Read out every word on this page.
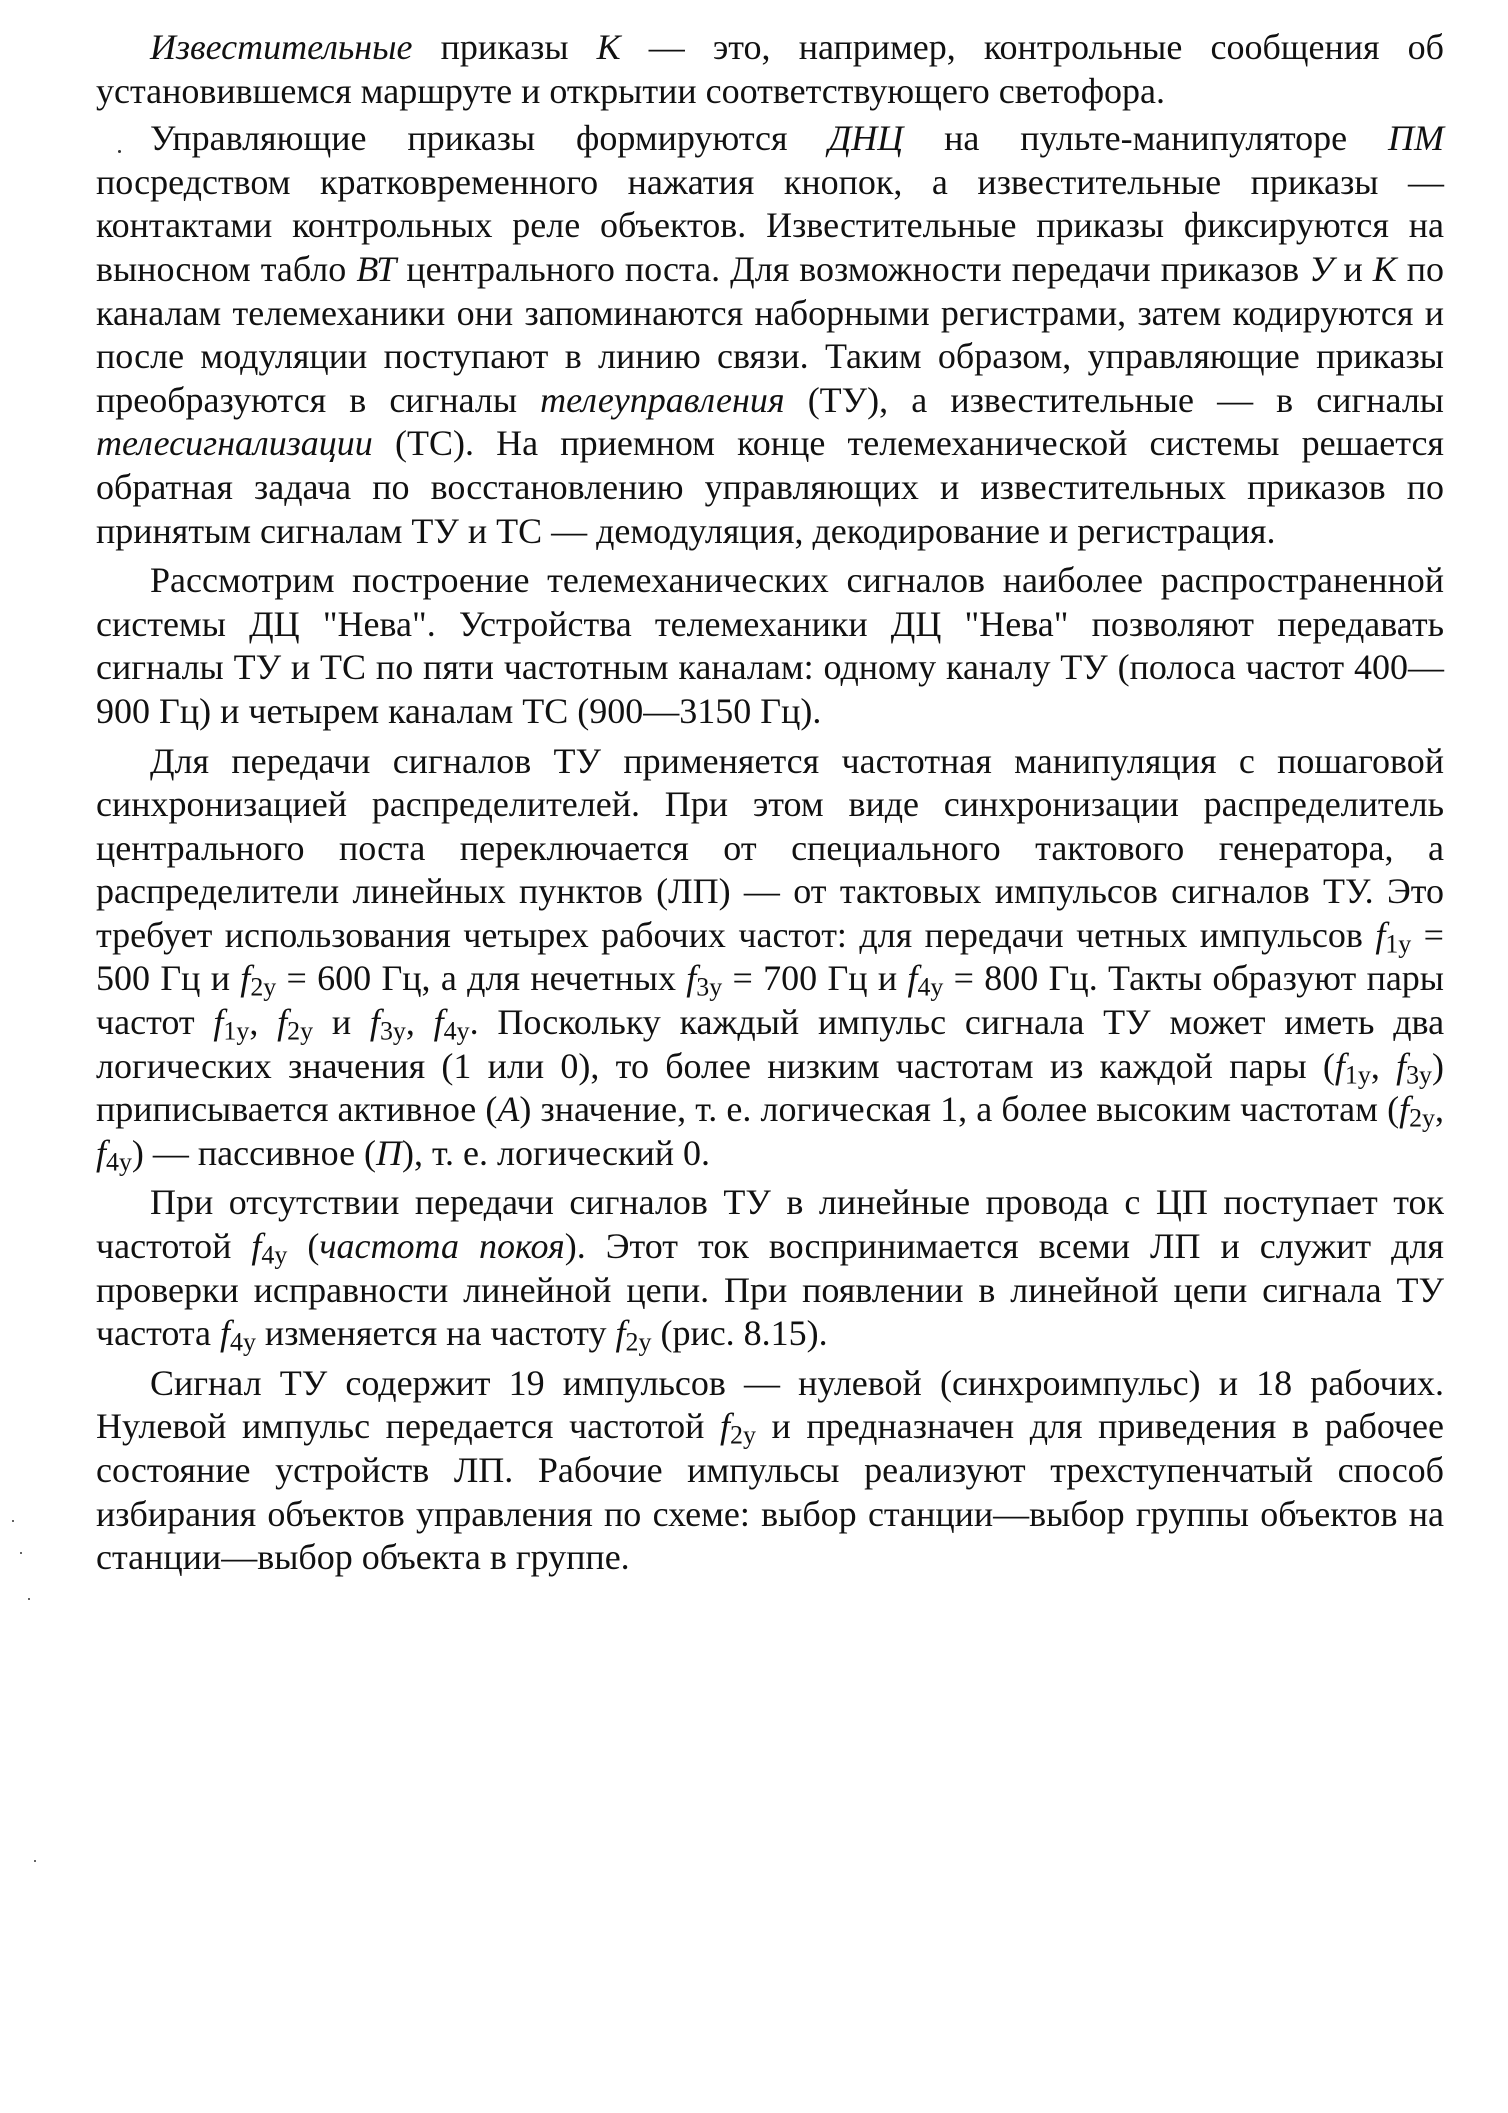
Известительные приказы К — это, например, контрольные сообщения об установившемся маршруте и открытии соответствующего светофора.

Управляющие приказы формируются ДНЦ на пульте-манипуляторе ПМ посредством кратковременного нажатия кнопок, а известительные приказы — контактами контрольных реле объектов. Известительные приказы фиксируются на выносном табло ВТ центрального поста. Для возможности передачи приказов У и К по каналам телемеханики они запоминаются наборными регистрами, затем кодируются и после модуляции поступают в линию связи. Таким образом, управляющие приказы преобразуются в сигналы телеуправления (ТУ), а известительные — в сигналы телесигнализации (ТС). На приемном конце телемеханической системы решается обратная задача по восстановлению управляющих и известительных приказов по принятым сигналам ТУ и ТС — демодуляция, декодирование и регистрация.

Рассмотрим построение телемеханических сигналов наиболее распространенной системы ДЦ "Нева". Устройства телемеханики ДЦ "Нева" позволяют передавать сигналы ТУ и ТС по пяти частотным каналам: одному каналу ТУ (полоса частот 400—900 Гц) и четырем каналам ТС (900—3150 Гц).

Для передачи сигналов ТУ применяется частотная манипуляция с пошаговой синхронизацией распределителей. При этом виде синхронизации распределитель центрального поста переключается от специального тактового генератора, а распределители линейных пунктов (ЛП) — от тактовых импульсов сигналов ТУ. Это требует использования четырех рабочих частот: для передачи четных импульсов $f_{1у} = 500$ Гц и $f_{2у} = 600$ Гц, а для нечетных $f_{3у} = 700$ Гц и $f_{4у} = 800$ Гц. Такты образуют пары частот $f_{1у}$, $f_{2у}$ и $f_{3у}$, $f_{4у}$. Поскольку каждый импульс сигнала ТУ может иметь два логических значения (1 или 0), то более низким частотам из каждой пары ($f_{1у}$, $f_{3у}$) приписывается активное (А) значение, т. е. логическая 1, а более высоким частотам ($f_{2у}$, $f_{4у}$) — пассивное (П), т. е. логический 0.

При отсутствии передачи сигналов ТУ в линейные провода с ЦП поступает ток частотой $f_{4у}$ (частота покоя). Этот ток воспринимается всеми ЛП и служит для проверки исправности линейной цепи. При появлении в линейной цепи сигнала ТУ частота $f_{4у}$ изменяется на частоту $f_{2у}$ (рис. 8.15).

Сигнал ТУ содержит 19 импульсов — нулевой (синхроимпульс) и 18 рабочих. Нулевой импульс передается частотой $f_{2у}$ и предназначен для приведения в рабочее состояние устройств ЛП. Рабочие импульсы реализуют трехступенчатый способ избирания объектов управления по схеме: выбор станции—выбор группы объектов на станции—выбор объекта в группе.
